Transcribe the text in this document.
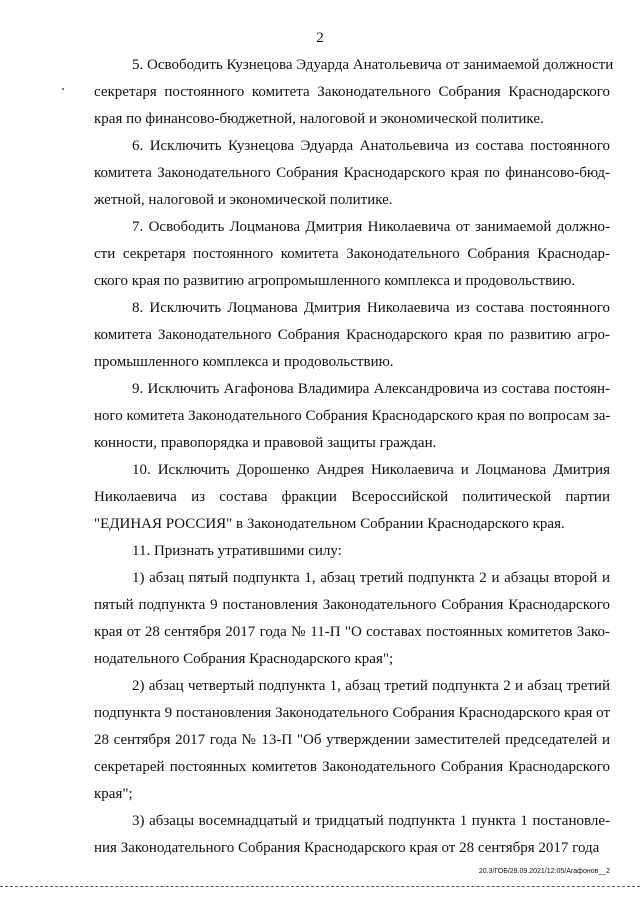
2
5. Освободить Кузнецова Эдуарда Анатольевича от занимаемой должности
секретаря постоянного комитета Законодательного Собрания Краснодарского
края по финансово-бюджетной, налоговой и экономической политике.
6. Исключить Кузнецова Эдуарда Анатольевича из состава постоянного
комитета Законодательного Собрания Краснодарского края по финансово-бюд-
жетной, налоговой и экономической политике.
7. Освободить Лоцманова Дмитрия Николаевича от занимаемой должно-
сти секретаря постоянного комитета Законодательного Собрания Краснодар-
ского края по развитию агропромышленного комплекса и продовольствию.
8. Исключить Лоцманова Дмитрия Николаевича из состава постоянного
комитета Законодательного Собрания Краснодарского края по развитию агро-
промышленного комплекса и продовольствию.
9. Исключить Агафонова Владимира Александровича из состава постоян-
ного комитета Законодательного Собрания Краснодарского края по вопросам за-
конности, правопорядка и правовой защиты граждан.
10. Исключить Дорошенко Андрея Николаевича и Лоцманова Дмитрия
Николаевича из состава фракции Всероссийской политической партии
"ЕДИНАЯ РОССИЯ" в Законодательном Собрании Краснодарского края.
11. Признать утратившими силу:
1) абзац пятый подпункта 1, абзац третий подпункта 2 и абзацы второй и
пятый подпункта 9 постановления Законодательного Собрания Краснодарского
края от 28 сентября 2017 года № 11-П "О составах постоянных комитетов Зако-
нодательного Собрания Краснодарского края";
2) абзац четвертый подпункта 1, абзац третий подпункта 2 и абзац третий
подпункта 9 постановления Законодательного Собрания Краснодарского края от
28 сентября 2017 года № 13-П "Об утверждении заместителей председателей и
секретарей постоянных комитетов Законодательного Собрания Краснодарского
края";
3) абзацы восемнадцатый и тридцатый подпункта 1 пункта 1 постановле-
ния Законодательного Собрания Краснодарского края от 28 сентября 2017 года
20.3/ГОБ/29.09.2021/12:05/Агафонов__2
